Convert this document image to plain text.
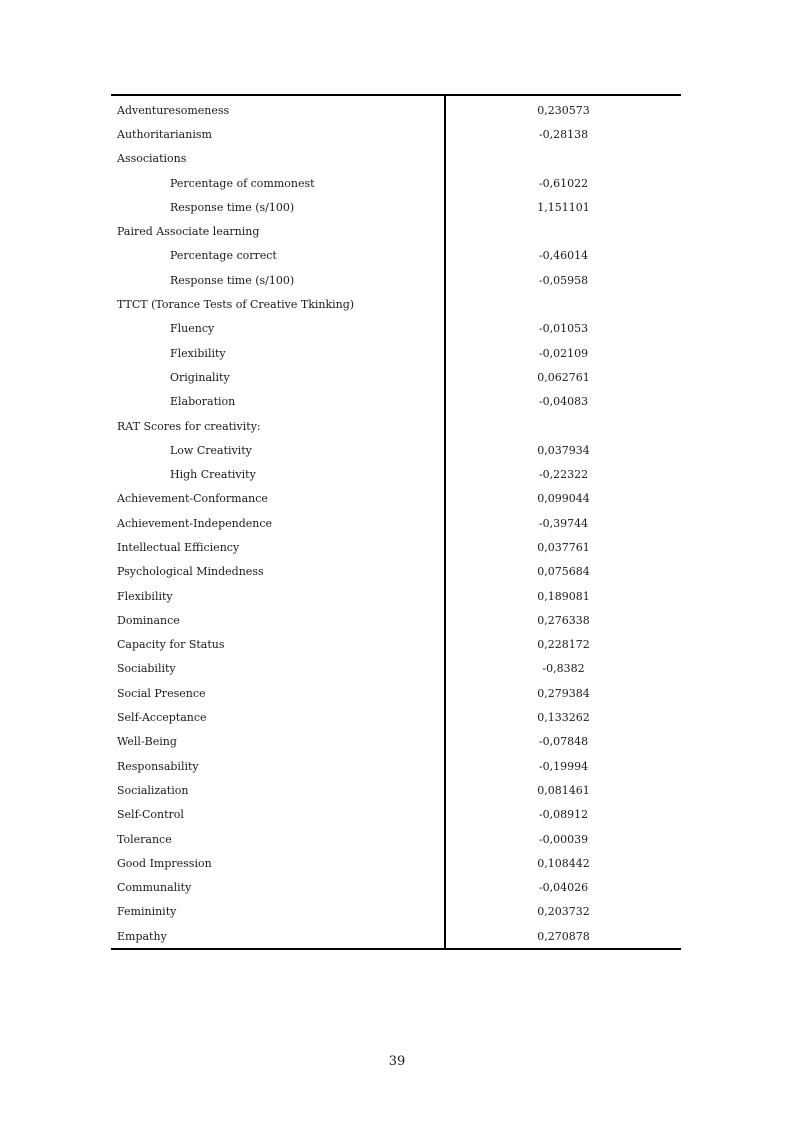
Adventuresomeness	0,230573
Authoritarianism	-0,28138
Associations	
Percentage of commonest	-0,61022
Response time (s/100)	1,151101
Paired Associate learning	
Percentage correct	-0,46014
Response time (s/100)	-0,05958
TTCT (Torance Tests of Creative Tkinking)	
Fluency	-0,01053
Flexibility	-0,02109
Originality	0,062761
Elaboration	-0,04083
RAT Scores for creativity:	
Low Creativity	0,037934
High Creativity	-0,22322
Achievement-Conformance	0,099044
Achievement-Independence	-0,39744
Intellectual Efficiency	0,037761
Psychological Mindedness	0,075684
Flexibility	0,189081
Dominance	0,276338
Capacity for Status	0,228172
Sociability	-0,8382
Social Presence	0,279384
Self-Acceptance	0,133262
Well-Being	-0,07848
Responsability	-0,19994
Socialization	0,081461
Self-Control	-0,08912
Tolerance	-0,00039
Good Impression	0,108442
Communality	-0,04026
Femininity	0,203732
Empathy	0,270878
39
